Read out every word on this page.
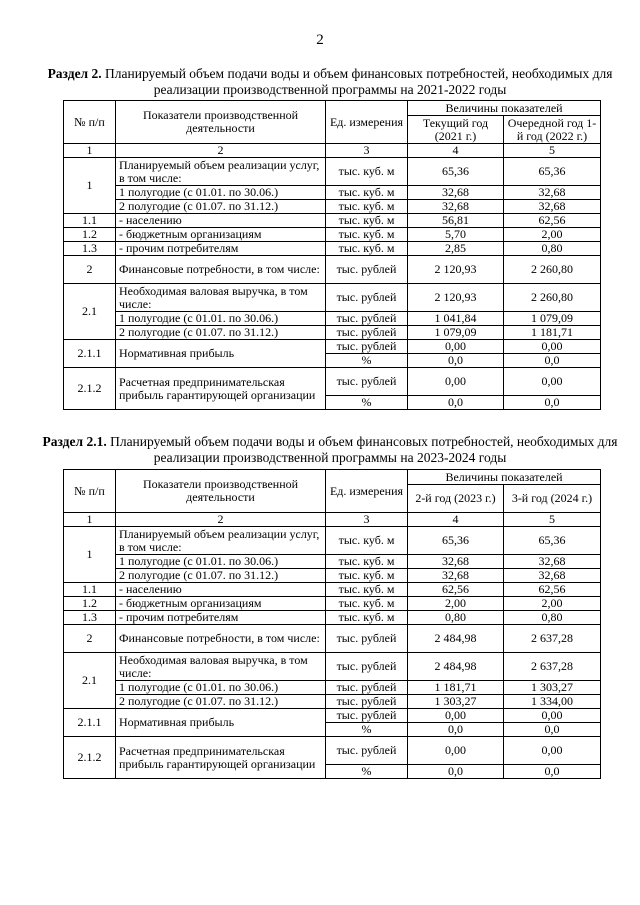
2
Раздел 2. Планируемый объем подачи воды и объем финансовых потребностей, необходимых для реализации производственной программы на 2021-2022 годы
№ п/п	Показатели производственной деятельности	Ед. измерения	Величины показателей	
			Текущий год (2021 г.)	Очередной год 1-й год (2022 г.)
1	2	3	4	5
1	Планируемый объем реализации услуг, в том числе:	тыс. куб. м	65,36	65,36
	1 полугодие (с 01.01. по 30.06.)	тыс. куб. м	32,68	32,68
	2 полугодие (с 01.07. по 31.12.)	тыс. куб. м	32,68	32,68
1.1	- населению	тыс. куб. м	56,81	62,56
1.2	- бюджетным организациям	тыс. куб. м	5,70	2,00
1.3	- прочим потребителям	тыс. куб. м	2,85	0,80
2	Финансовые потребности, в том числе:	тыс. рублей	2 120,93	2 260,80
2.1	Необходимая валовая выручка, в том числе:	тыс. рублей	2 120,93	2 260,80
	1 полугодие (с 01.01. по 30.06.)	тыс. рублей	1 041,84	1 079,09
	2 полугодие (с 01.07. по 31.12.)	тыс. рублей	1 079,09	1 181,71
2.1.1	Нормативная прибыль	тыс. рублей	0,00	0,00
		%	0,0	0,0
2.1.2	Расчетная предпринимательская прибыль гарантирующей организации	тыс. рублей	0,00	0,00
		%	0,0	0,0
Раздел 2.1. Планируемый объем подачи воды и объем финансовых потребностей, необходимых для реализации производственной программы на 2023-2024 годы
№ п/п	Показатели производственной деятельности	Ед. измерения	Величины показателей	
			2-й год (2023 г.)	3-й год (2024 г.)
1	2	3	4	5
1	Планируемый объем реализации услуг, в том числе:	тыс. куб. м	65,36	65,36
	1 полугодие (с 01.01. по 30.06.)	тыс. куб. м	32,68	32,68
	2 полугодие (с 01.07. по 31.12.)	тыс. куб. м	32,68	32,68
1.1	- населению	тыс. куб. м	62,56	62,56
1.2	- бюджетным организациям	тыс. куб. м	2,00	2,00
1.3	- прочим потребителям	тыс. куб. м	0,80	0,80
2	Финансовые потребности, в том числе:	тыс. рублей	2 484,98	2 637,28
2.1	Необходимая валовая выручка, в том числе:	тыс. рублей	2 484,98	2 637,28
	1 полугодие (с 01.01. по 30.06.)	тыс. рублей	1 181,71	1 303,27
	2 полугодие (с 01.07. по 31.12.)	тыс. рублей	1 303,27	1 334,00
2.1.1	Нормативная прибыль	тыс. рублей	0,00	0,00
		%	0,0	0,0
2.1.2	Расчетная предпринимательская прибыль гарантирующей организации	тыс. рублей	0,00	0,00
		%	0,0	0,0
